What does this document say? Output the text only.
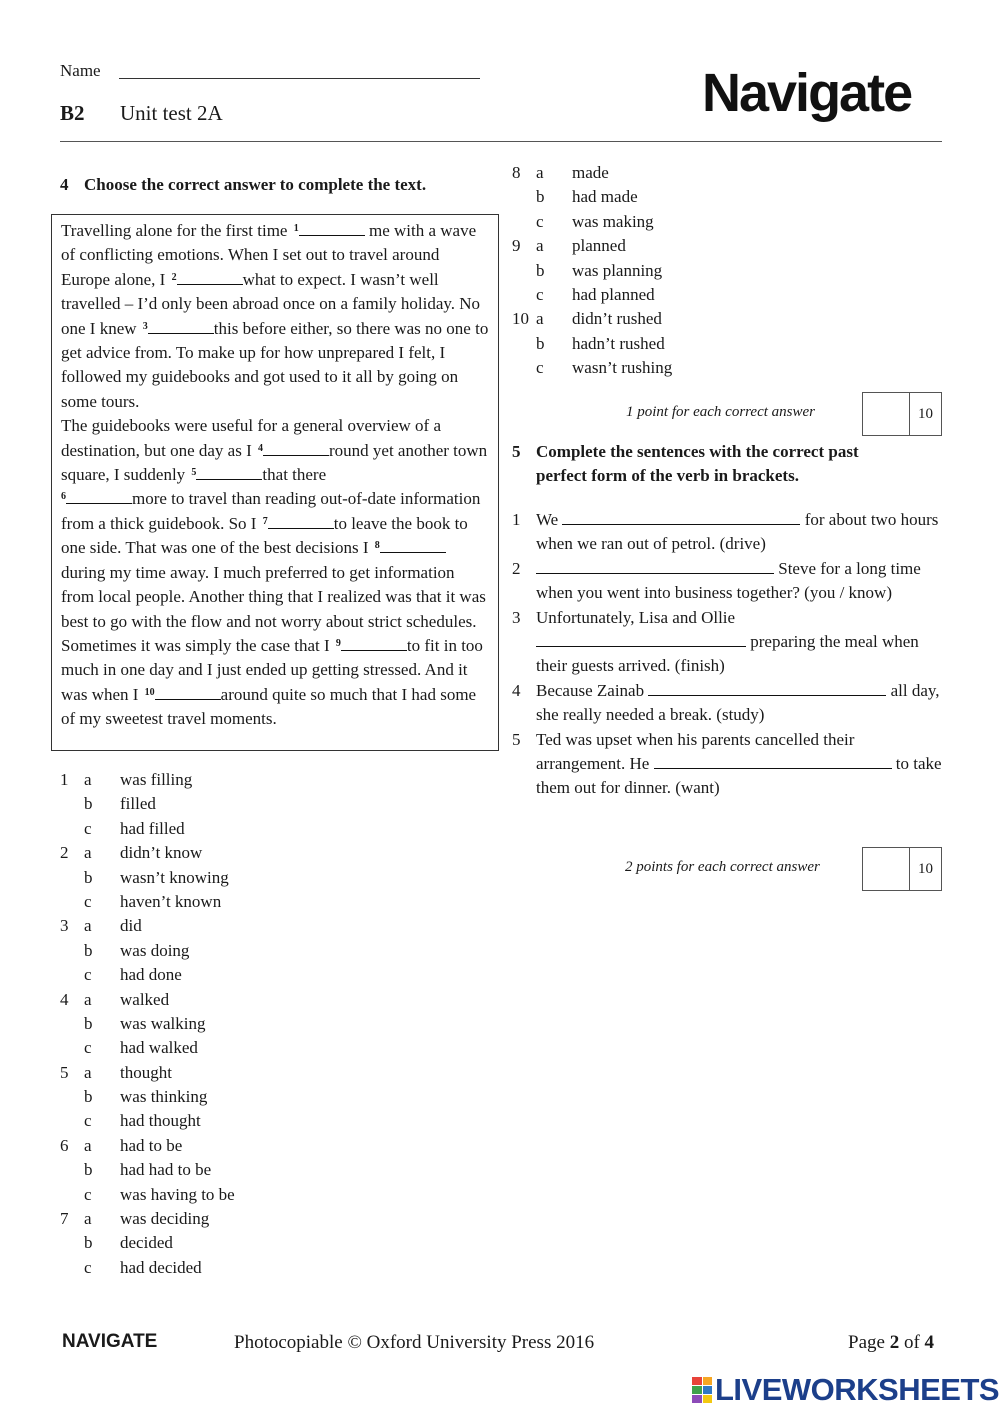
Name
B2 Unit test 2A	Navigate
4 Choose the correct answer to complete the text.

Travelling alone for the first time $^1$	me with a wave of conflicting emotions. When I set out to travel around Europe alone, I $^2$	what to expect. I wasn’t well travelled – I’d only been abroad once on a family holiday. No one I knew $^3$	this before either, so there was no one to get advice from. To make up for how unprepared I felt, I followed my guidebooks and got used to it all by going on some tours.

The guidebooks were useful for a general overview of a destination, but one day as I $^4$	round yet another town square, I suddenly $^5$	that there
$^6$	more to travel than reading out-of-date information from a thick guidebook. So I $^7$	to leave the book to one side. That was one of the best decisions I $^8$during my time away. I much preferred to get information from local people. Another thing that I realized was that it was best to go with the flow and not worry about strict schedules. Sometimes it was simply the case that I $^9$	to fit in too much in one day and I just ended up getting stressed. And it was when I $^{10}$	around quite so much that I had some of my sweetest travel moments.

1 a was filling
b filled
c had filled
2 a didn’t know
b wasn’t knowing
c haven’t known
3 a did
b was doing
c had done
4 a walked
b was walking
c had walked
5 a thought
b was thinking
c had thought
6 a had to be
b had had to be
c was having to be
7 a was deciding
b decided
c had decided
8 a made
b had made
c was making
9 a planned
b was planning
c had planned
10 a didn’t rushed
b hadn’t rushed
c wasn’t rushing
1 point for each correct answer	10
5 Complete the sentences with the correct past
perfect form of the verb in brackets.
1 We	for about two hours when we ran out of petrol. (drive)
2	Steve for a long time when you went into business together? (you / know)
3 Unfortunately, Lisa and Ollie
preparing the meal when their guests arrived. (finish)
4 Because Zainab	all day, she really needed a break. (study)
5 Ted was upset when his parents cancelled their arrangement. He	to take them out for dinner. (want)
2 points for each correct answer	10
NAVIGATE	Photocopiable © Oxford University Press 2016	Page 2 of 4
LIVEWORKSHEETS
